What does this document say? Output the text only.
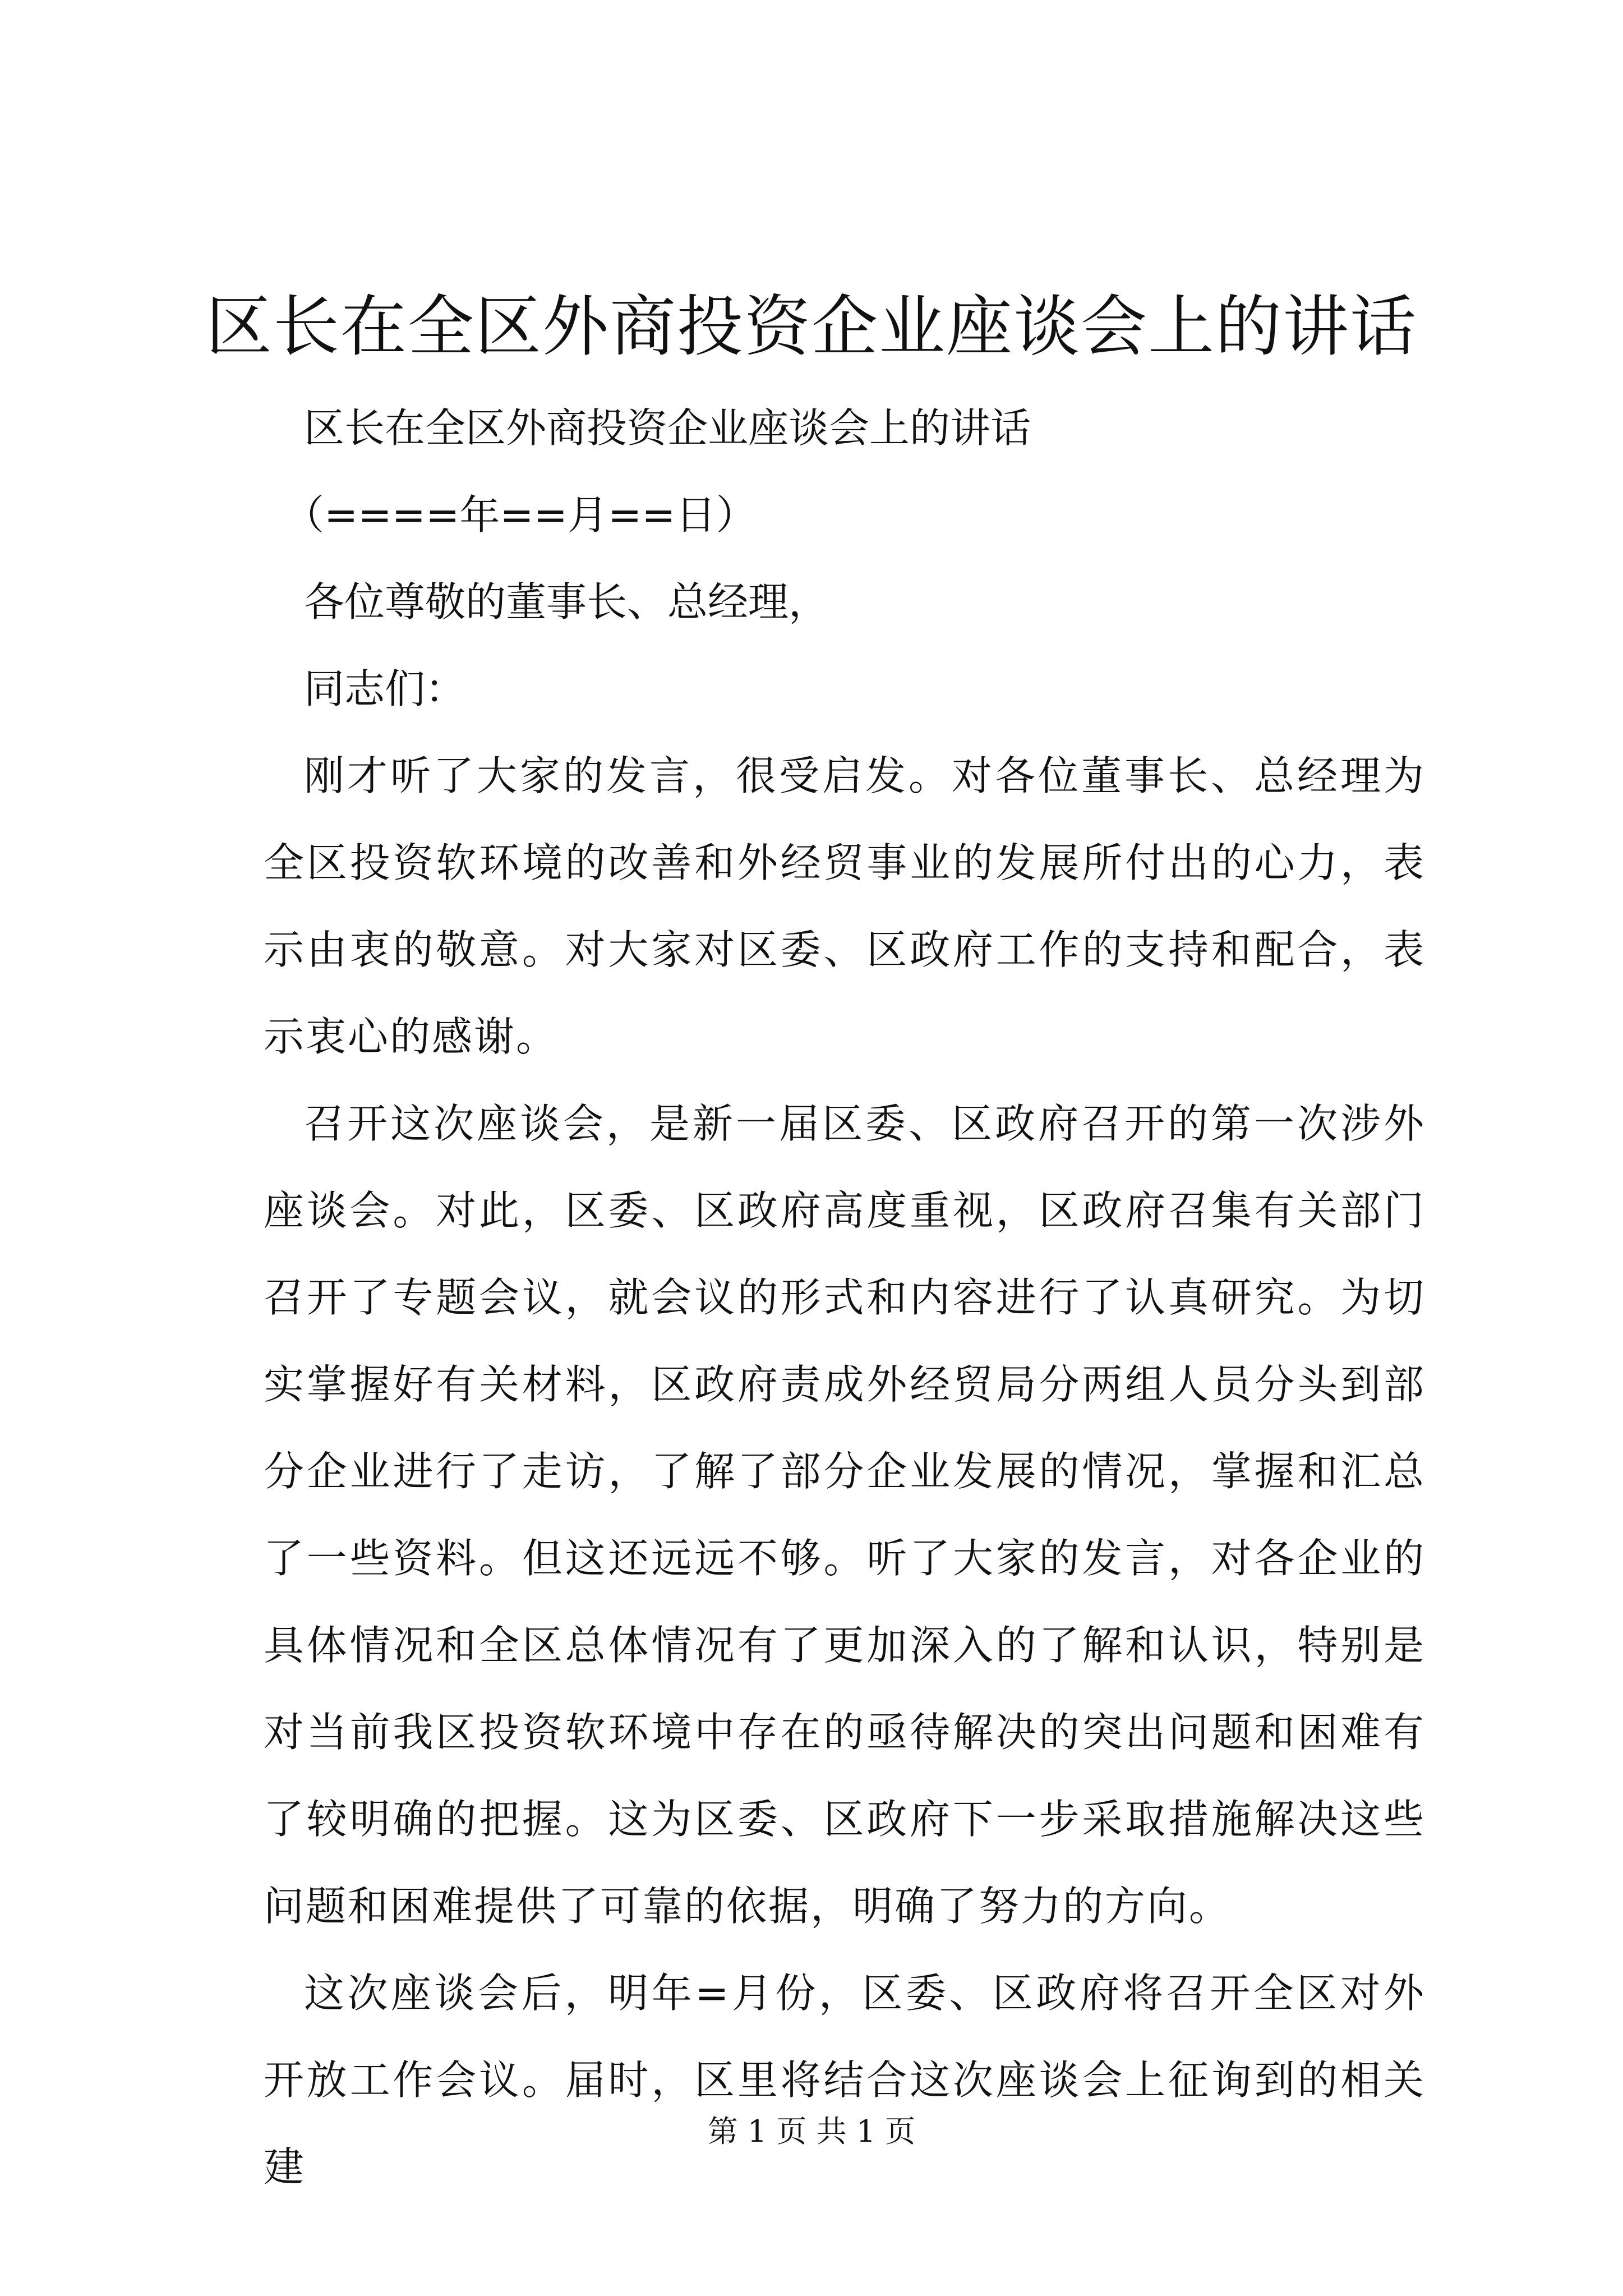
区长在全区外商投资企业座谈会上的讲话

区长在全区外商投资企业座谈会上的讲话

（====年==月==日）

各位尊敬的董事长、总经理，

同志们：

刚才听了大家的发言，很受启发。对各位董事长、总经理为全区投资软环境的改善和外经贸事业的发展所付出的心力，表示由衷的敬意。对大家对区委、区政府工作的支持和配合，表示衷心的感谢。

召开这次座谈会，是新一届区委、区政府召开的第一次涉外座谈会。对此，区委、区政府高度重视，区政府召集有关部门召开了专题会议，就会议的形式和内容进行了认真研究。为切实掌握好有关材料，区政府责成外经贸局分两组人员分头到部分企业进行了走访，了解了部分企业发展的情况，掌握和汇总了一些资料。但这还远远不够。听了大家的发言，对各企业的具体情况和全区总体情况有了更加深入的了解和认识，特别是对当前我区投资软环境中存在的亟待解决的突出问题和困难有了较明确的把握。这为区委、区政府下一步采取措施解决这些问题和困难提供了可靠的依据，明确了努力的方向。

这次座谈会后，明年=月份，区委、区政府将召开全区对外开放工作会议。届时，区里将结合这次座谈会上征询到的相关建

第 1 页 共 1 页
